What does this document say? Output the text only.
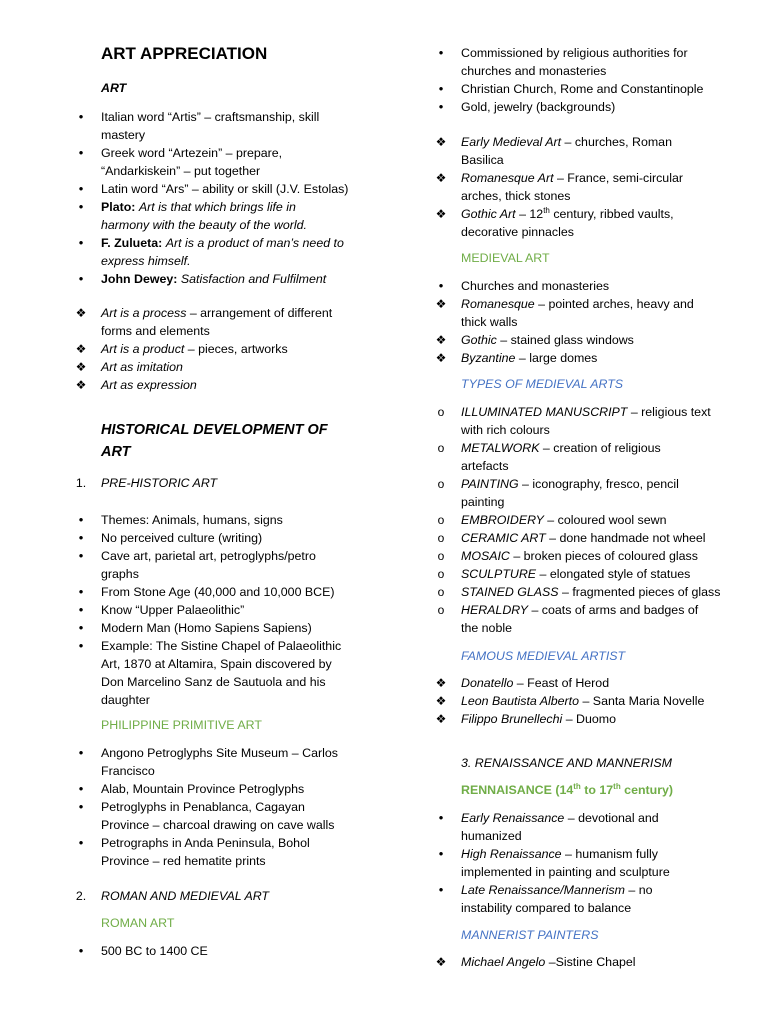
ART APPRECIATION
ART
• Italian word “Artis” – craftsmanship, skill
mastery
• Greek word “Artezein” – prepare,
“Andarkiskein” – put together
• Latin word “Ars” – ability or skill (J.V. Estolas)
• Plato: Art is that which brings life in
harmony with the beauty of the world.
• F. Zulueta: Art is a product of man’s need to
express himself.
• John Dewey: Satisfaction and Fulfilment
❖ Art is a process – arrangement of different
forms and elements
❖ Art is a product – pieces, artworks
❖ Art as imitation
❖ Art as expression
HISTORICAL DEVELOPMENT OF
ART
1. PRE-HISTORIC ART
• Themes: Animals, humans, signs
• No perceived culture (writing)
• Cave art, parietal art, petroglyphs/petro
graphs
• From Stone Age (40,000 and 10,000 BCE)
• Know “Upper Palaeolithic”
• Modern Man (Homo Sapiens Sapiens)
• Example: The Sistine Chapel of Palaeolithic
Art, 1870 at Altamira, Spain discovered by
Don Marcelino Sanz de Sautuola and his
daughter
PHILIPPINE PRIMITIVE ART
• Angono Petroglyphs Site Museum – Carlos
Francisco
• Alab, Mountain Province Petroglyphs
• Petroglyphs in Penablanca, Cagayan
Province – charcoal drawing on cave walls
• Petrographs in Anda Peninsula, Bohol
Province – red hematite prints
2. ROMAN AND MEDIEVAL ART
ROMAN ART
• 500 BC to 1400 CE
• Commissioned by religious authorities for
churches and monasteries
• Christian Church, Rome and Constantinople
• Gold, jewelry (backgrounds)
❖ Early Medieval Art – churches, Roman
Basilica
❖ Romanesque Art – France, semi-circular
arches, thick stones
❖ Gothic Art – 12th century, ribbed vaults,
decorative pinnacles
MEDIEVAL ART
• Churches and monasteries
❖ Romanesque – pointed arches, heavy and
thick walls
❖ Gothic – stained glass windows
❖ Byzantine – large domes
TYPES OF MEDIEVAL ARTS
o ILLUMINATED MANUSCRIPT – religious text
with rich colours
o METALWORK – creation of religious
artefacts
o PAINTING – iconography, fresco, pencil
painting
o EMBROIDERY – coloured wool sewn
o CERAMIC ART – done handmade not wheel
o MOSAIC – broken pieces of coloured glass
o SCULPTURE – elongated style of statues
o STAINED GLASS – fragmented pieces of glass
o HERALDRY – coats of arms and badges of
the noble
FAMOUS MEDIEVAL ARTIST
❖ Donatello – Feast of Herod
❖ Leon Bautista Alberto – Santa Maria Novelle
❖ Filippo Brunellechi – Duomo
3. RENAISSANCE AND MANNERISM
RENNAISANCE (14th to 17th century)
• Early Renaissance – devotional and
humanized
• High Renaissance – humanism fully
implemented in painting and sculpture
• Late Renaissance/Mannerism – no
instability compared to balance
MANNERIST PAINTERS
❖ Michael Angelo –Sistine Chapel
